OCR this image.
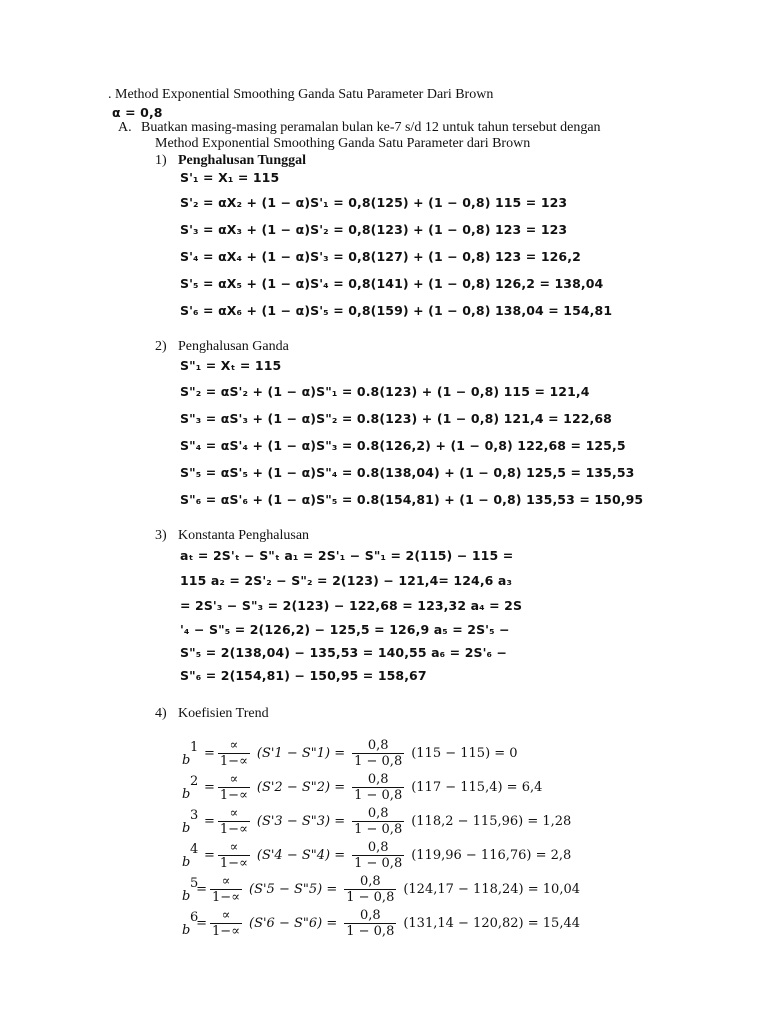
. Method Exponential Smoothing Ganda Satu Parameter Dari Brown
α = 0,8
A. Buatkan masing-masing peramalan bulan ke-7 s/d 12 untuk tahun tersebut dengan
Method Exponential Smoothing Ganda Satu Parameter dari Brown
1) Penghalusan Tunggal
S'₁ = X₁ = 115
S'₂ = αX₂ + (1 − α)S'₁ = 0,8(125) + (1 − 0,8) 115 = 123
S'₃ = αX₃ + (1 − α)S'₂ = 0,8(123) + (1 − 0,8) 123 = 123
S'₄ = αX₄ + (1 − α)S'₃ = 0,8(127) + (1 − 0,8) 123 = 126,2
S'₅ = αX₅ + (1 − α)S'₄ = 0,8(141) + (1 − 0,8) 126,2 = 138,04
S'₆ = αX₆ + (1 − α)S'₅ = 0,8(159) + (1 − 0,8) 138,04 = 154,81
2) Penghalusan Ganda
S"₁ = Xₜ = 115
S"₂ = αS'₂ + (1 − α)S"₁ = 0.8(123) + (1 − 0,8) 115 = 121,4
S"₃ = αS'₃ + (1 − α)S"₂ = 0.8(123) + (1 − 0,8) 121,4 = 122,68
S"₄ = αS'₄ + (1 − α)S"₃ = 0.8(126,2) + (1 − 0,8) 122,68 = 125,5
S"₅ = αS'₅ + (1 − α)S"₄ = 0.8(138,04) + (1 − 0,8) 125,5 = 135,53
S"₆ = αS'₆ + (1 − α)S"₅ = 0.8(154,81) + (1 − 0,8) 135,53 = 150,95
3) Konstanta Penghalusan
aₜ = 2S'ₜ − S"ₜ a₁ = 2S'₁ − S"₁ = 2(115) − 115 =
115 a₂ = 2S'₂ − S"₂ = 2(123) − 121,4= 124,6 a₃
= 2S'₃ − S"₃ = 2(123) − 122,68 = 123,32 a₄ = 2S
'₄ − S"₅ = 2(126,2) − 125,5 = 126,9 a₅ = 2S'₅ −
S"₅ = 2(138,04) − 135,53 = 140,55 a₆ = 2S'₆ −
S"₆ = 2(154,81) − 150,95 = 158,67
4) Koefisien Trend
b
$1 = \frac{\propto}{1-\propto} (S'1$ − S"1) = $\frac{0,8}{1 - 0,8} (115 - 115) = 0$
b
$2 = \frac{\propto}{1-\propto} (S'2$ − S"2) = $\frac{0,8}{1 - 0,8} (117 - 115,4) = 6,4$
b
$3 = \frac{\propto}{1-\propto} (S'3$ − S"3) = $\frac{0,8}{1 - 0,8} (118,2 - 115,96) = 1,28$
b
$4 = \frac{\propto}{1-\propto} (S'4$ − S"4) = $\frac{0,8}{1 - 0,8} (119,96 - 116,76) = 2,8$
b
5
= $\frac{\propto}{1-\propto} (S'5$ − S"5) = $\frac{0,8}{1 - 0,8} (124,17 - 118,24) = 10,04$
b
6
= $\frac{\propto}{1-\propto} (S'6$ − S"6) = $\frac{0,8}{1 - 0,8} (131,14 - 120,82) = 15,44$
